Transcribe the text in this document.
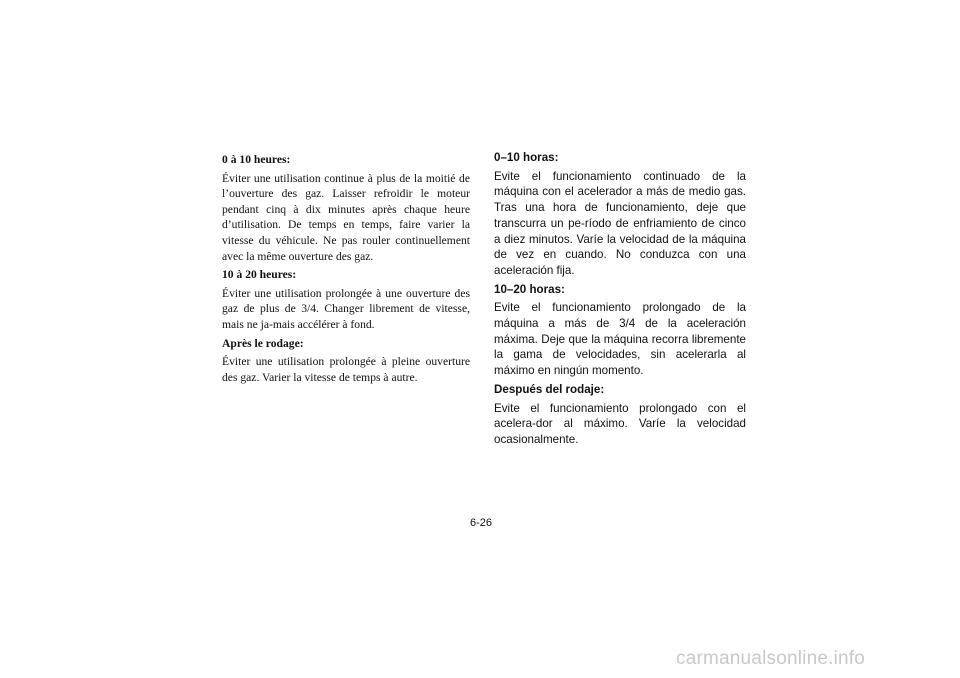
0 à 10 heures:
Éviter une utilisation continue à plus de la moitié de l’ouverture des gaz. Laisser refroidir le moteur pendant cinq à dix minutes après chaque heure d’utilisation. De temps en temps, faire varier la vitesse du véhicule. Ne pas rouler continuellement avec la même ouverture des gaz.
10 à 20 heures:
Éviter une utilisation prolongée à une ouverture des gaz de plus de 3/4. Changer librement de vitesse, mais ne ja-mais accélérer à fond.
Après le rodage:
Éviter une utilisation prolongée à pleine ouverture des gaz. Varier la vitesse de temps à autre.
0–10 horas:
Evite el funcionamiento continuado de la máquina con el acelerador a más de medio gas. Tras una hora de funcionamiento, deje que transcurra un pe-ríodo de enfriamiento de cinco a diez minutos. Varíe la velocidad de la máquina de vez en cuando. No conduzca con una aceleración fija.
10–20 horas:
Evite el funcionamiento prolongado de la máquina a más de 3/4 de la aceleración máxima. Deje que la máquina recorra libremente la gama de velocidades, sin acelerarla al máximo en ningún momento.
Después del rodaje:
Evite el funcionamiento prolongado con el acelera-dor al máximo. Varíe la velocidad ocasionalmente.
6-26
carmanualsonline.info
